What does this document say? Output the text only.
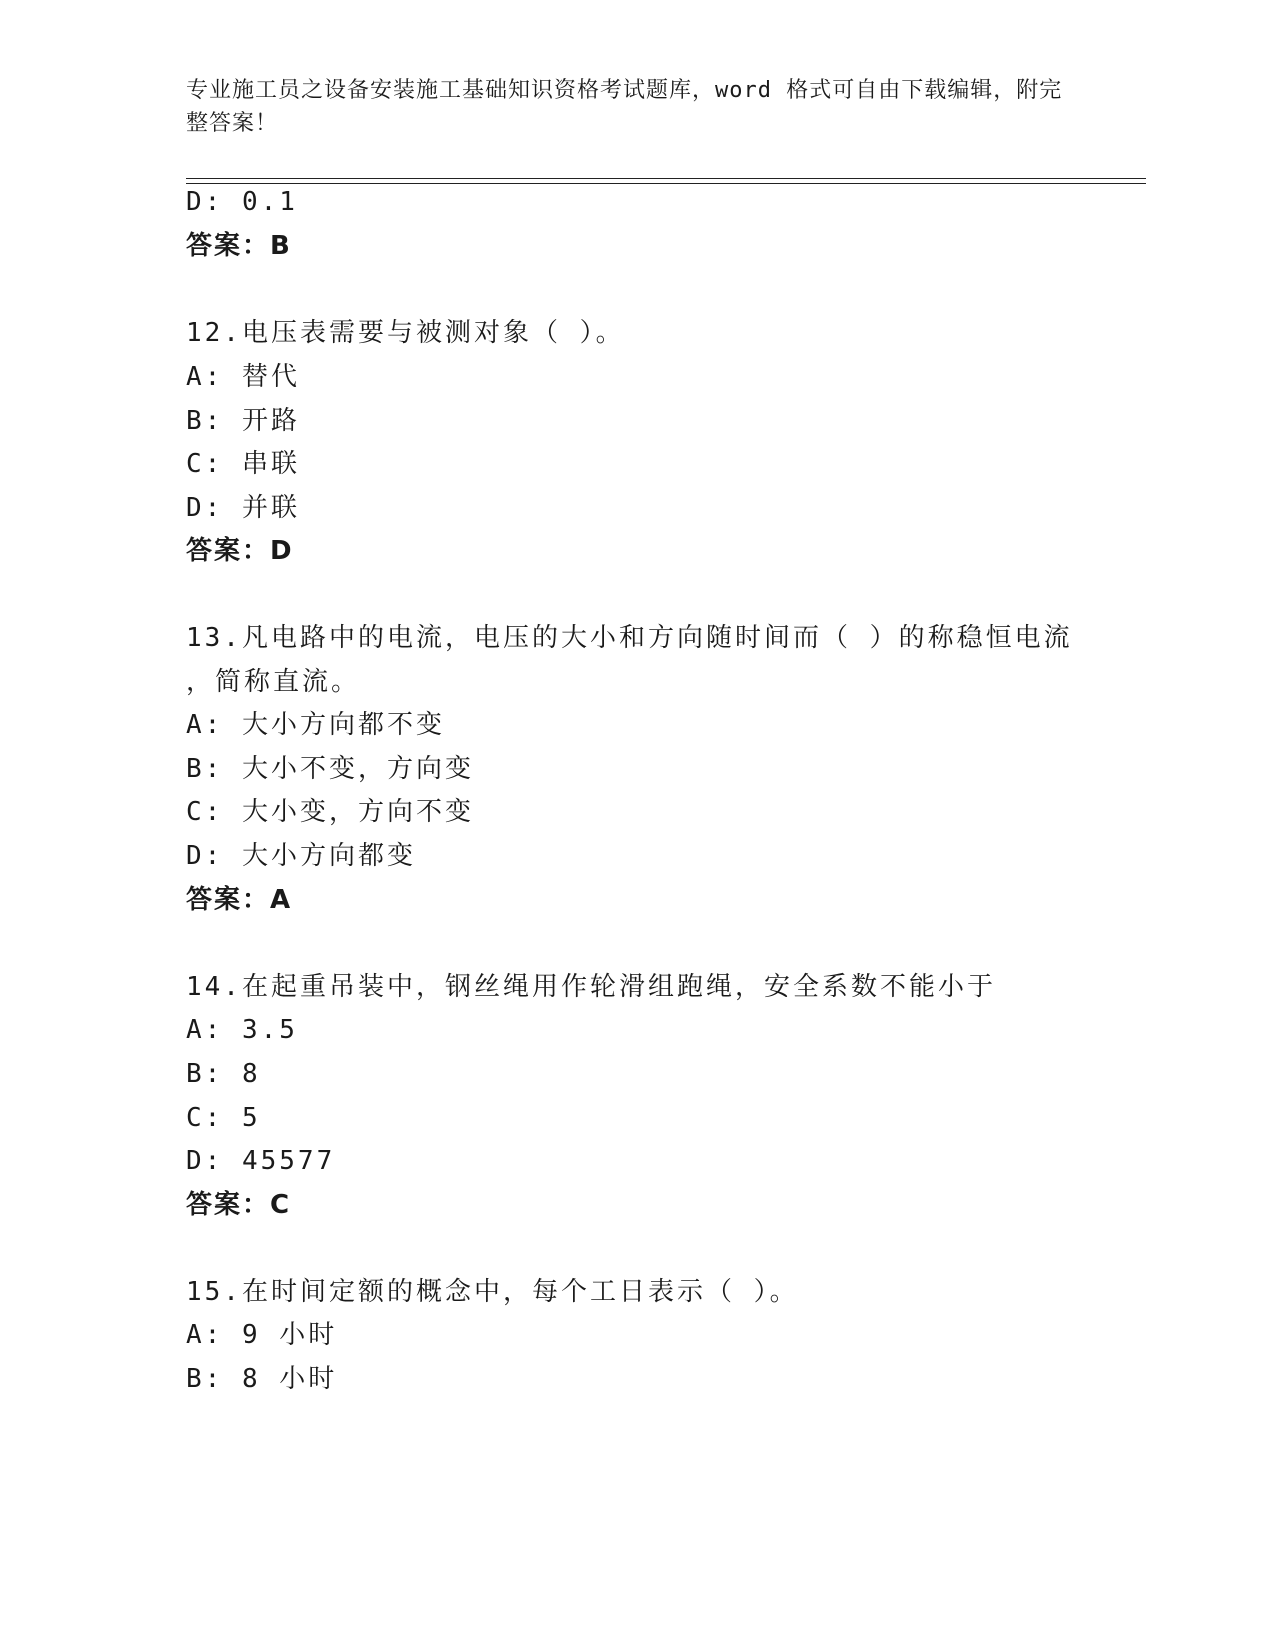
专业施工员之设备安装施工基础知识资格考试题库，word 格式可自由下载编辑，附完整答案！
D: 0.1
答案：B
12.电压表需要与被测对象（ ）。
A: 替代
B: 开路
C: 串联
D: 并联
答案：D
13.凡电路中的电流，电压的大小和方向随时间而（ ）的称稳恒电流
，简称直流。
A: 大小方向都不变
B: 大小不变，方向变
C: 大小变，方向不变
D: 大小方向都变
答案：A
14.在起重吊装中，钢丝绳用作轮滑组跑绳，安全系数不能小于
A: 3.5
B: 8
C: 5
D: 45577
答案：C
15.在时间定额的概念中，每个工日表示（ ）。
A: 9 小时
B: 8 小时
